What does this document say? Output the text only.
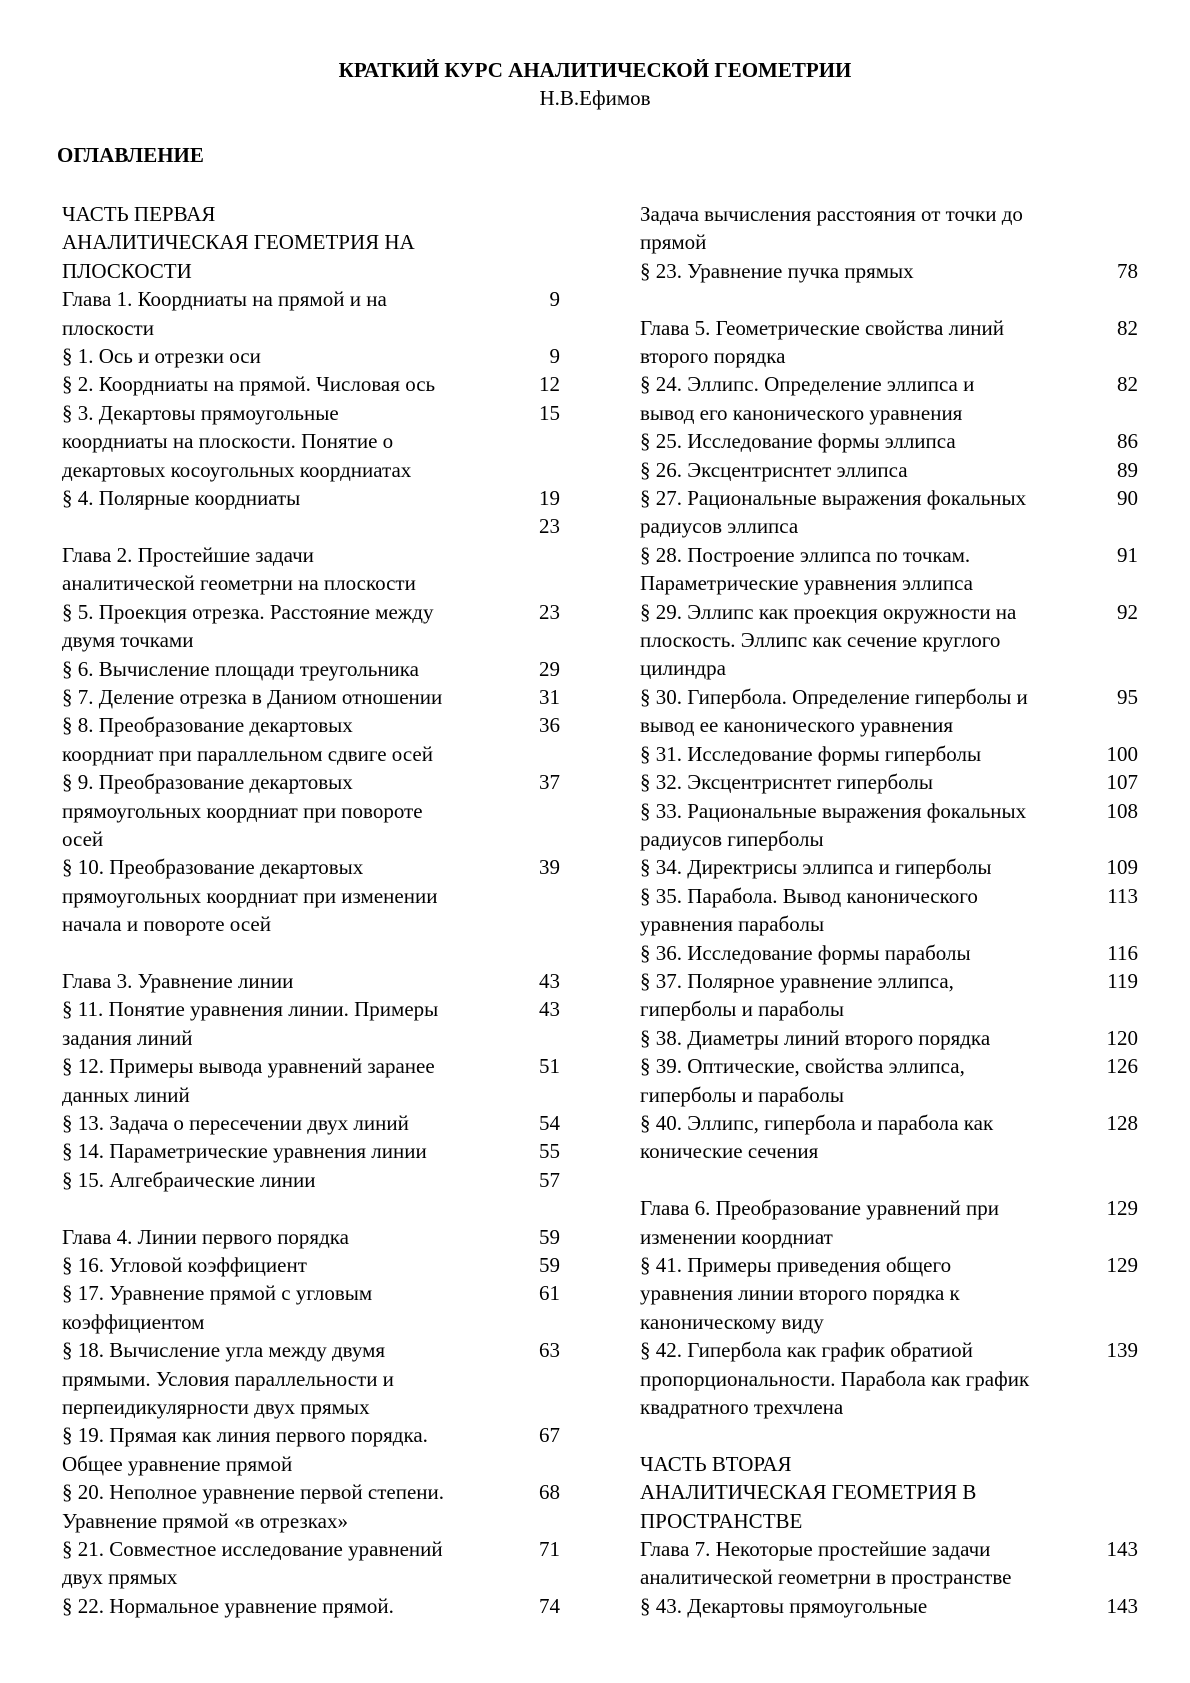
КРАТКИЙ КУРС АНАЛИТИЧЕСКОЙ ГЕОМЕТРИИ
Н.В.Ефимов
ОГЛАВЛЕНИЕ
ЧАСТЬ ПЕРВАЯ
АНАЛИТИЧЕСКАЯ ГЕОМЕТРИЯ НА
ПЛОСКОСТИ
Глава 1. Коордниаты на прямой и на	9
плоскости
§ 1. Ось и отрезки оси	9
§ 2. Коордниаты на прямой. Числовая ось	12
§ 3. Декартовы прямоугольные	15
коордниаты на плоскости. Понятие о
декартовых косоугольных коордниатах
§ 4. Полярные коордниаты	19
23
Глава 2. Простейшие задачи
аналитической геометрни на плоскости
§ 5. Проекция отрезка. Расстояние между	23
двумя точками
§ 6. Вычисление площади треугольника	29
§ 7. Деление отрезка в Даниом отношении	31
§ 8. Преобразование декартовых	36
коордниат при параллельном сдвиге осей
§ 9. Преобразование декартовых	37
прямоугольных коордниат при повороте
осей
§ 10. Преобразование декартовых	39
прямоугольных коордниат при изменении
начала и повороте осей
Глава 3. Уравнение линии	43
§ 11. Понятие уравнения линии. Примеры	43
задания линий
§ 12. Примеры вывода уравнений заранее	51
данных линий
§ 13. Задача о пересечении двух линий	54
§ 14. Параметрические уравнения линии	55
§ 15. Алгебраические линии	57
Глава 4. Линии первого порядка	59
§ 16. Угловой коэффициент	59
§ 17. Уравнение прямой с угловым	61
коэффициентом
§ 18. Вычисление угла между двумя	63
прямыми. Условия параллельности и
перпеидикулярности двух прямых
§ 19. Прямая как линия первого порядка.	67
Общее уравнение прямой
§ 20. Неполное уравнение первой степени.	68
Уравнение прямой «в отрезках»
§ 21. Совместное исследование уравнений	71
двух прямых
§ 22. Нормальное уравнение прямой.	74
Задача вычисления расстояния от точки до
прямой
§ 23. Уравнение пучка прямых	78
Глава 5. Геометрические свойства линий	82
второго порядка
§ 24. Эллипс. Определение эллипса и	82
вывод его канонического уравнения
§ 25. Исследование формы эллипса	86
§ 26. Эксцентриснтет эллипса	89
§ 27. Рациональные выражения фокальных	90
радиусов эллипса
§ 28. Построение эллипса по точкам.	91
Параметрические уравнения эллипса
§ 29. Эллипс как проекция окружности на	92
плоскость. Эллипс как сечение круглого
цилиндра
§ 30. Гипербола. Определение гиперболы и	95
вывод ее канонического уравнения
§ 31. Исследование формы гиперболы	100
§ 32. Эксцентриснтет гиперболы	107
§ 33. Рациональные выражения фокальных	108
радиусов гиперболы
§ 34. Директрисы эллипса и гиперболы	109
§ 35. Парабола. Вывод канонического	113
уравнения параболы
§ 36. Исследование формы параболы	116
§ 37. Полярное уравнение эллипса,	119
гиперболы и параболы
§ 38. Диаметры линий второго порядка	120
§ 39. Оптические, свойства эллипса,	126
гиперболы и параболы
§ 40. Эллипс, гипербола и парабола как	128
конические сечения
Глава 6. Преобразование уравнений при	129
изменении коордниат
§ 41. Примеры приведения общего	129
уравнения линии второго порядка к
каноническому виду
§ 42. Гипербола как график обратиой	139
пропорциональности. Парабола как график
квадратного трехчлена
ЧАСТЬ ВТОРАЯ
АНАЛИТИЧЕСКАЯ ГЕОМЕТРИЯ В
ПРОСТРАНСТВЕ
Глава 7. Некоторые простейшие задачи	143
аналитической геометрни в пространстве
§ 43. Декартовы прямоугольные	143
